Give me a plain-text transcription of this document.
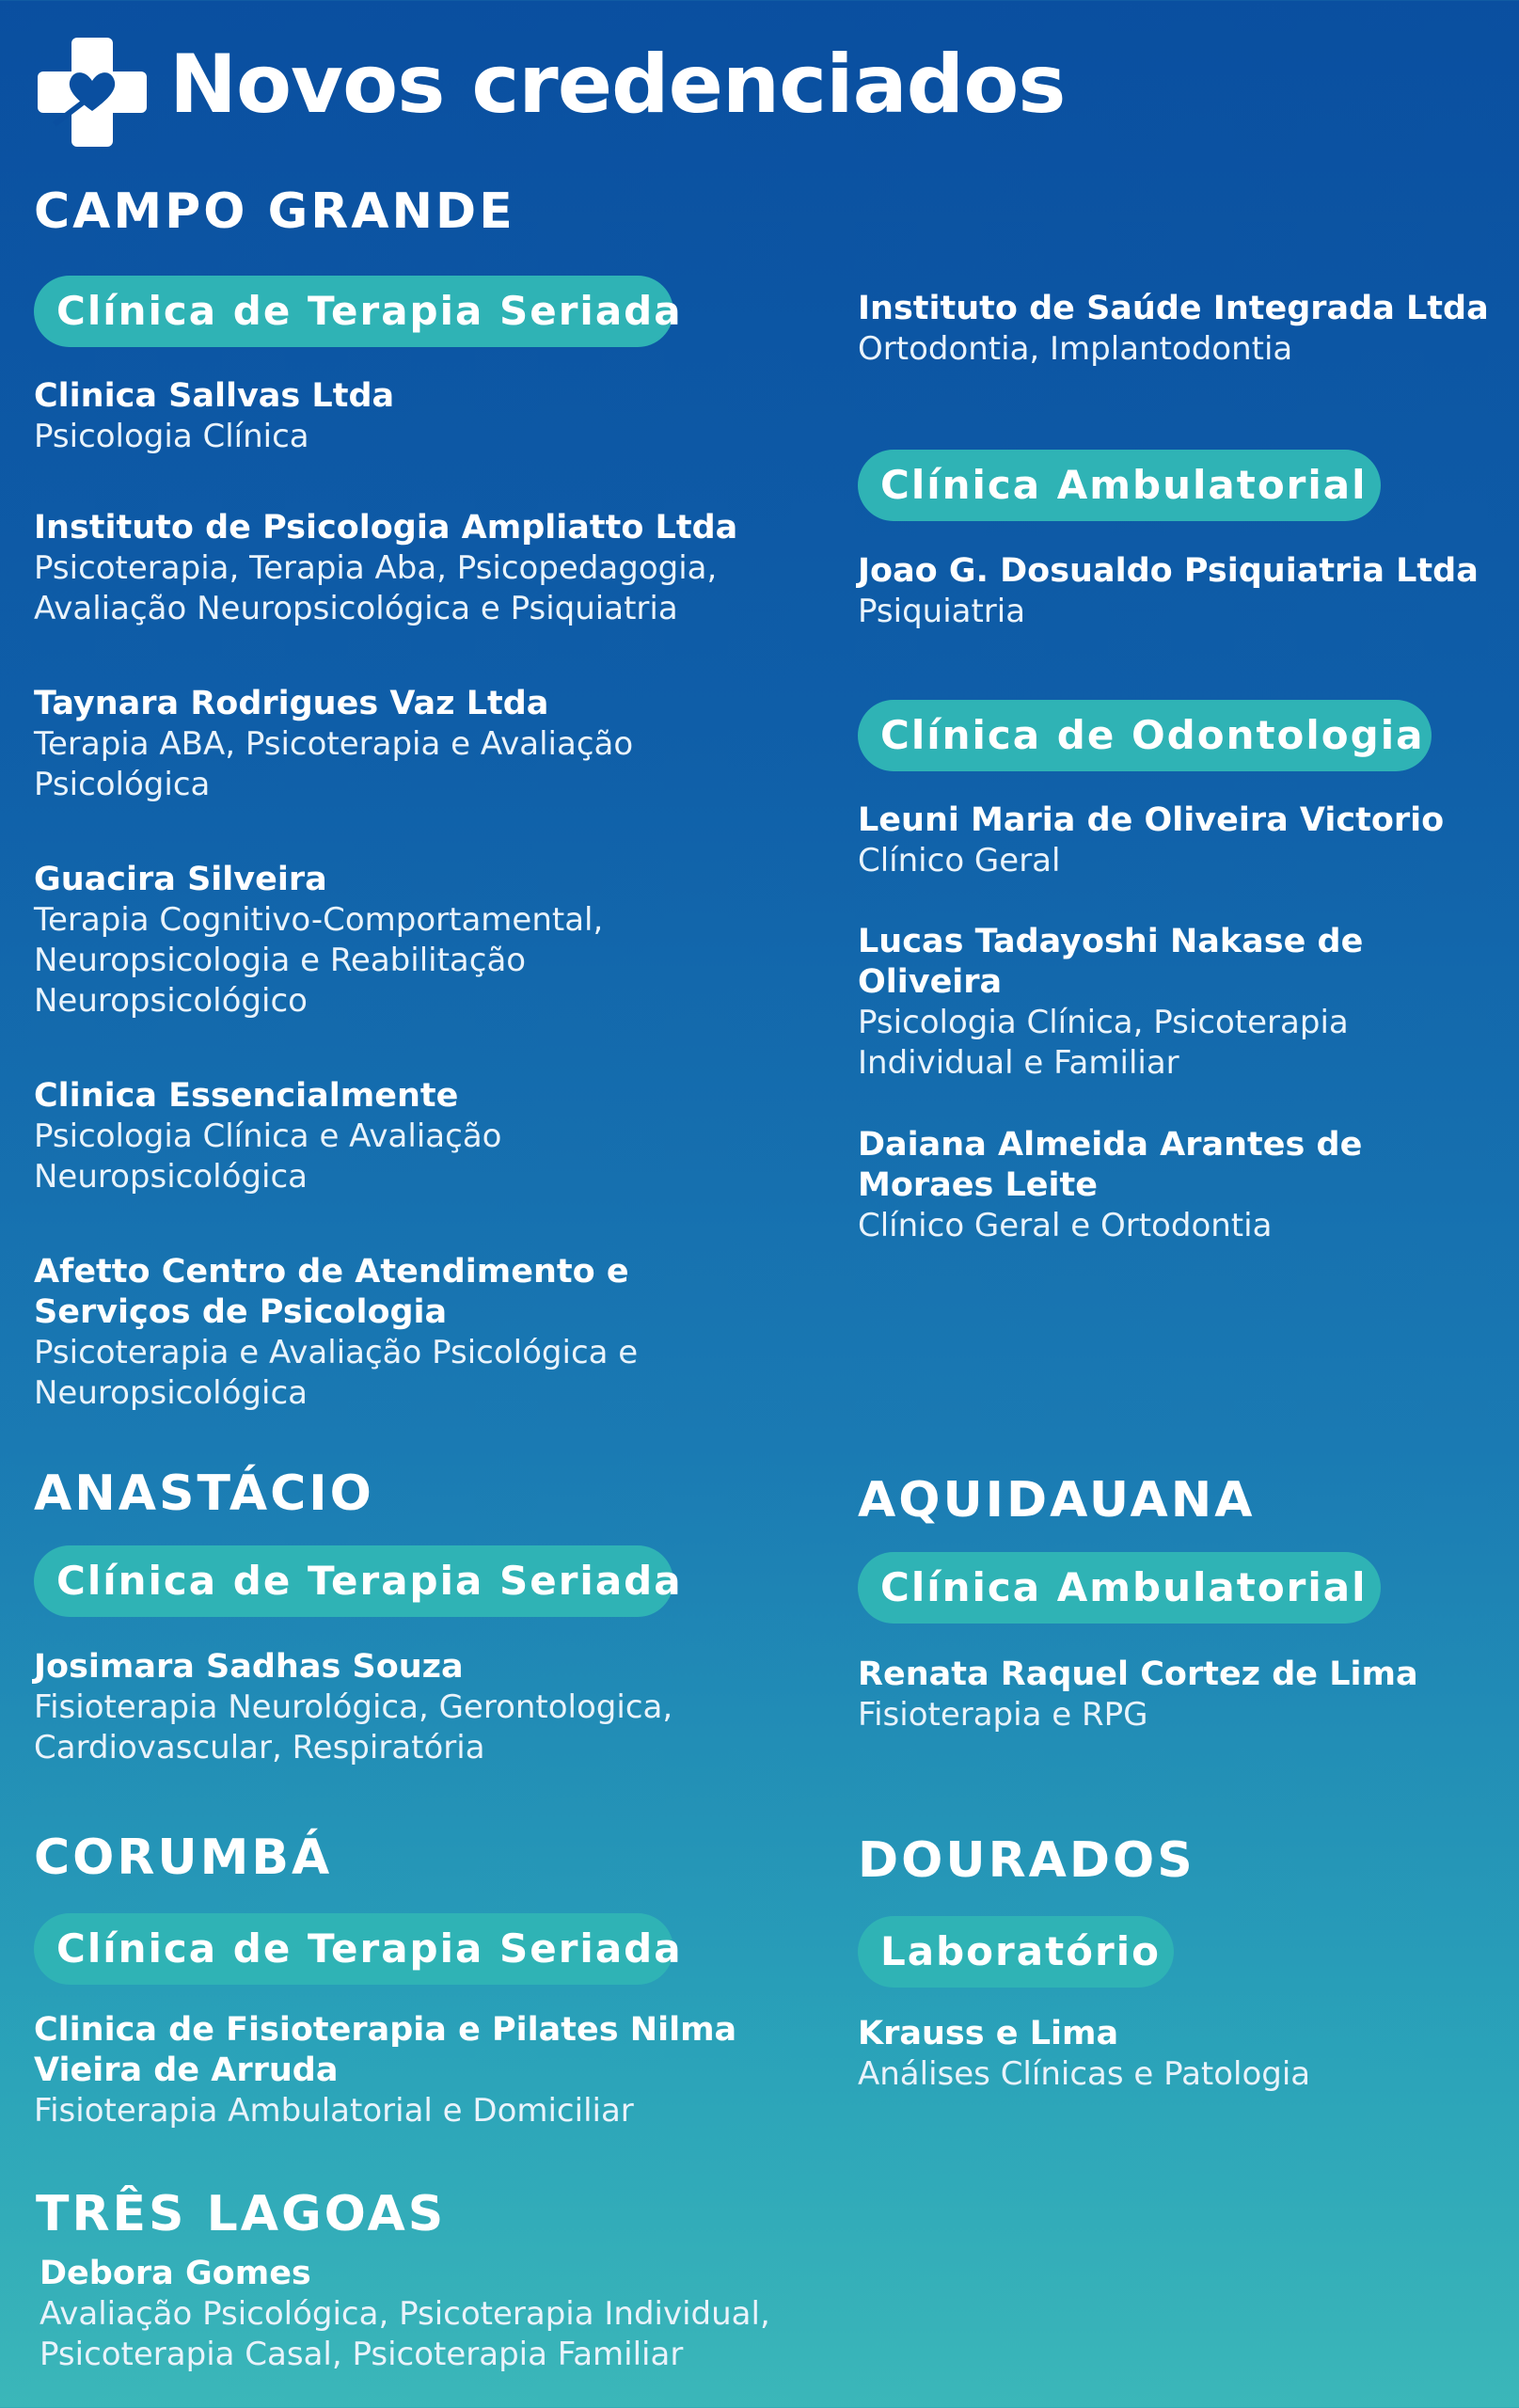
Novos credenciados
CAMPO GRANDE
Clínica de Terapia Seriada
Clinica Sallvas Ltda
Psicologia Clínica
Instituto de Psicologia Ampliatto Ltda
Psicoterapia, Terapia Aba, Psicopedagogia, Avaliação Neuropsicológica e Psiquiatria
Taynara Rodrigues Vaz Ltda
Terapia ABA, Psicoterapia e Avaliação Psicológica
Guacira Silveira
Terapia Cognitivo-Comportamental, Neuropsicologia e Reabilitação Neuropsicológico
Clinica Essencialmente
Psicologia Clínica e Avaliação Neuropsicológica
Afetto Centro de Atendimento e Serviços de Psicologia
Psicoterapia e Avaliação Psicológica e Neuropsicológica
Instituto de Saúde Integrada Ltda
Ortodontia, Implantodontia
Clínica Ambulatorial
Joao G. Dosualdo Psiquiatria Ltda
Psiquiatria
Clínica de Odontologia
Leuni Maria de Oliveira Victorio
Clínico Geral
Lucas Tadayoshi Nakase de Oliveira
Psicologia Clínica, Psicoterapia Individual e Familiar
Daiana Almeida Arantes de Moraes Leite
Clínico Geral e Ortodontia
ANASTÁCIO
Clínica de Terapia Seriada
Josimara Sadhas Souza
Fisioterapia Neurológica, Gerontologica, Cardiovascular, Respiratória
AQUIDAUANA
Clínica Ambulatorial
Renata Raquel Cortez de Lima
Fisioterapia e RPG
CORUMBÁ
Clínica de Terapia Seriada
Clinica de Fisioterapia e Pilates Nilma Vieira de Arruda
Fisioterapia Ambulatorial e Domiciliar
DOURADOS
Laboratório
Krauss e Lima
Análises Clínicas e Patologia
TRÊS LAGOAS
Debora Gomes
Avaliação Psicológica, Psicoterapia Individual, Psicoterapia Casal, Psicoterapia Familiar
